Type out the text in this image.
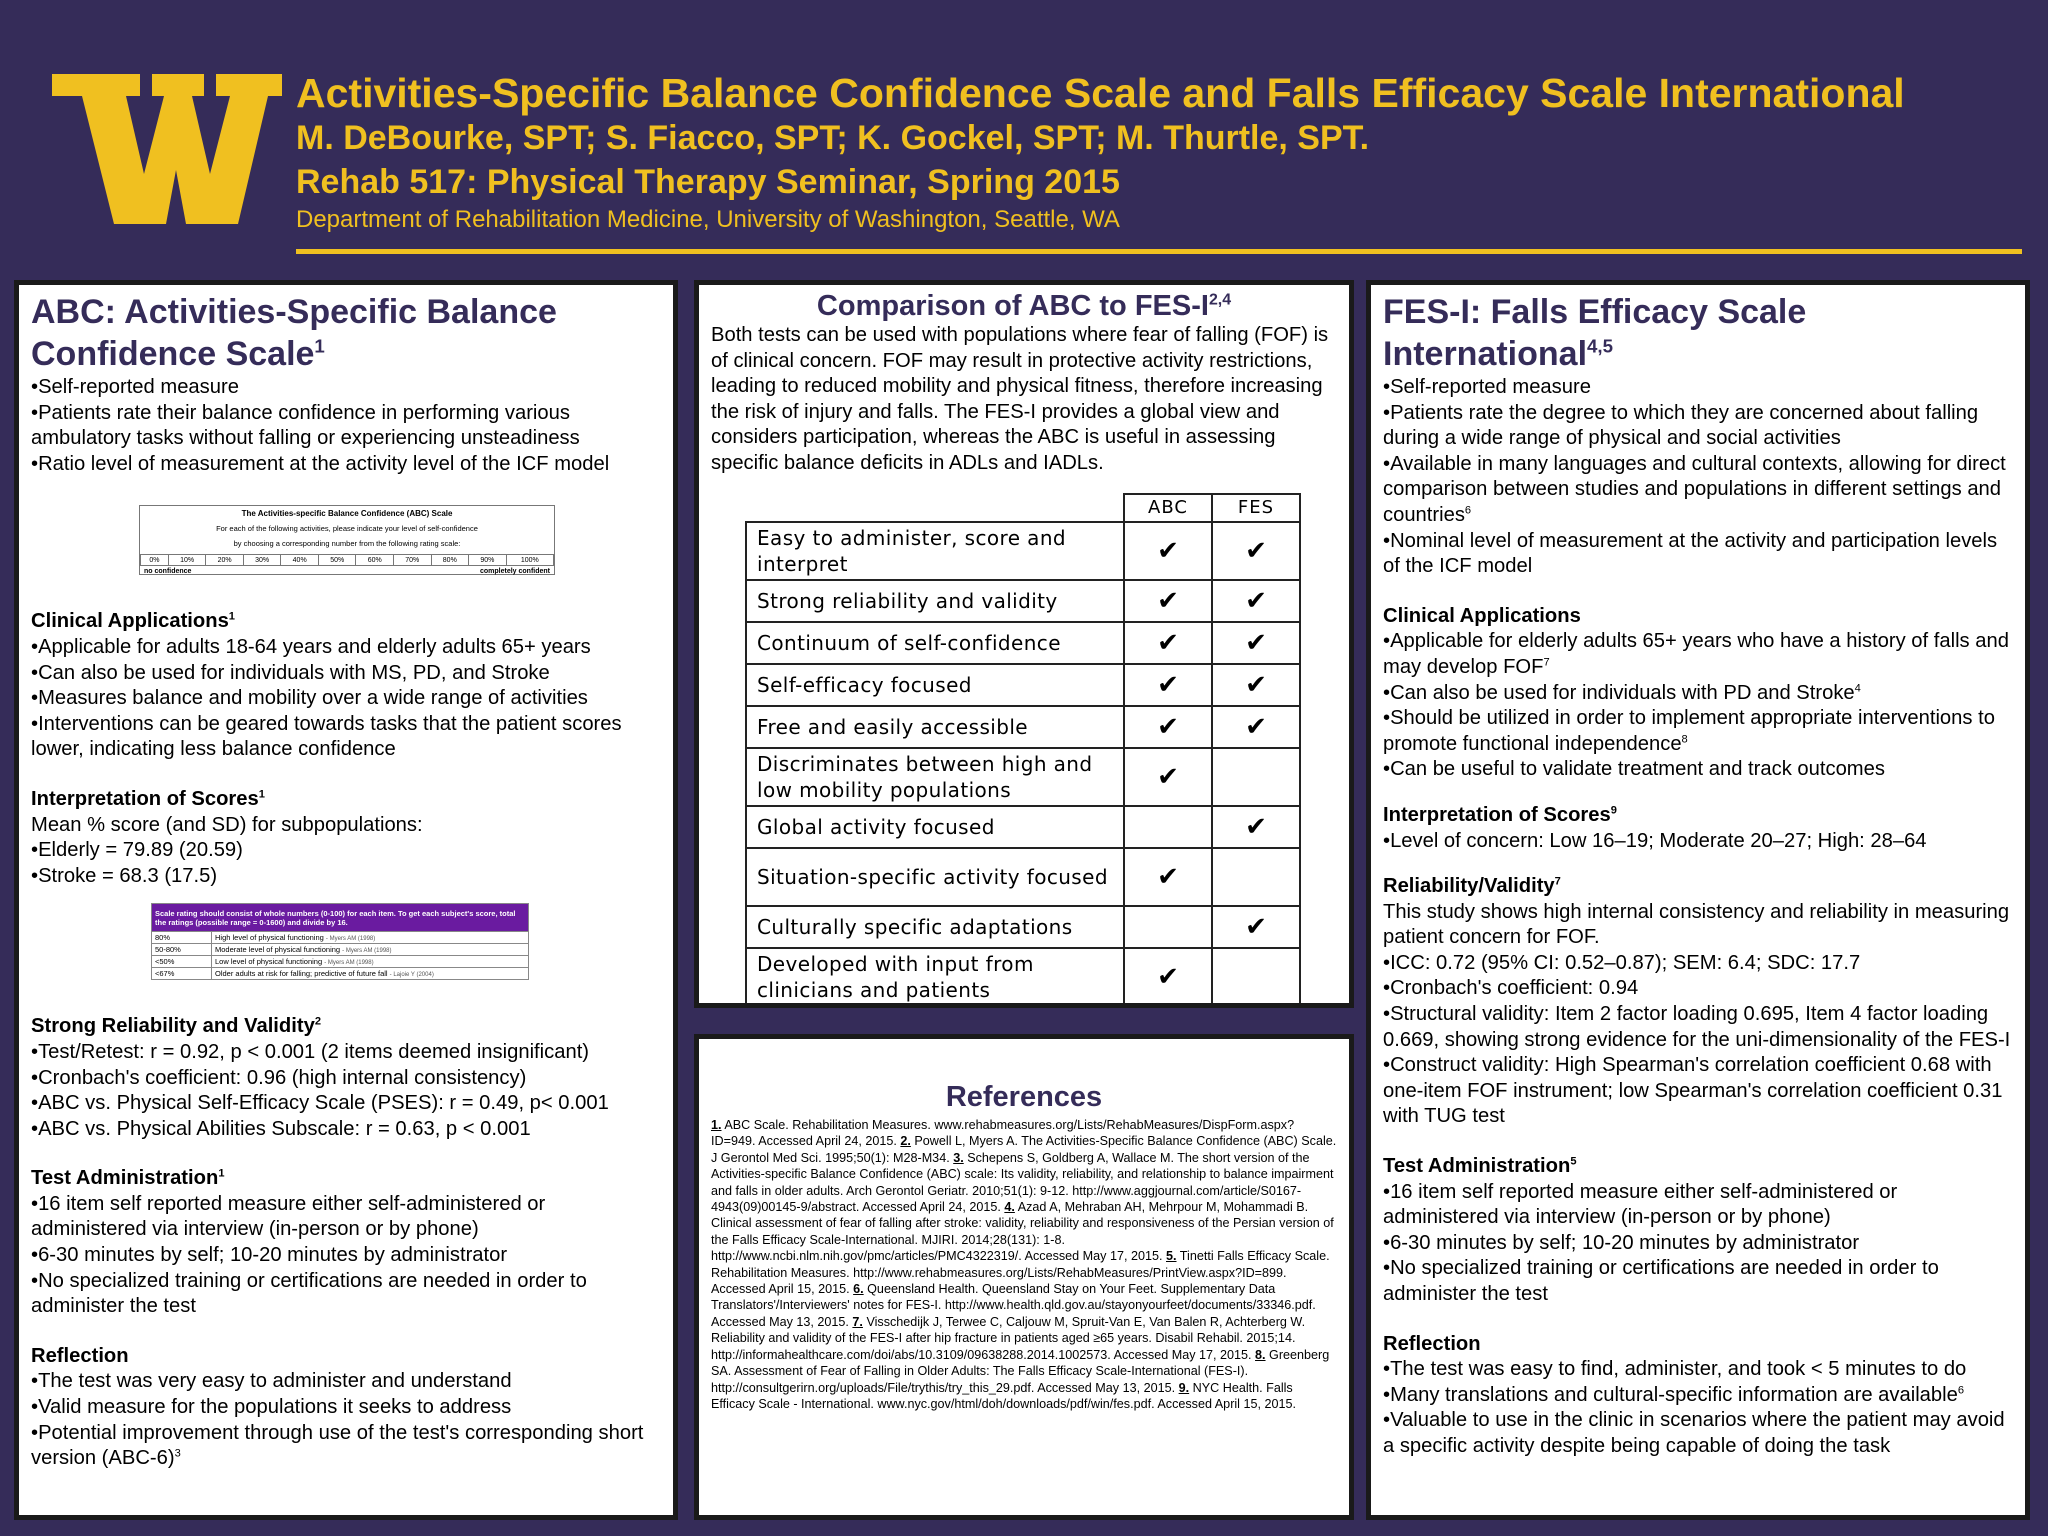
Activities-Specific Balance Confidence Scale and Falls Efficacy Scale International
M. DeBourke, SPT; S. Fiacco, SPT; K. Gockel, SPT; M. Thurtle, SPT.
Rehab 517: Physical Therapy Seminar, Spring 2015
Department of Rehabilitation Medicine, University of Washington, Seattle, WA
ABC: Activities-Specific Balance Confidence Scale$^1$

•Self-reported measure

•Patients rate their balance confidence in performing various ambulatory tasks without falling or experiencing unsteadiness

•Ratio level of measurement at the activity level of the ICF model

The Activities-specific Balance Confidence (ABC) Scale
For each of the following activities, please indicate your level of self-confidence
by choosing a corresponding number from the following rating scale:
0%	10%	20%	30%	40%	50%	60%	70%	80%	90%	100%
no confidence	completely confident
Clinical Applications$^1$

•Applicable for adults 18-64 years and elderly adults 65+ years

•Can also be used for individuals with MS, PD, and Stroke

•Measures balance and mobility over a wide range of activities

•Interventions can be geared towards tasks that the patient scores lower, indicating less balance confidence

Interpretation of Scores$^1$

Mean % score (and SD) for subpopulations:

•Elderly = 79.89 (20.59)

•Stroke = 68.3 (17.5)

Scale rating should consist of whole numbers (0-100) for each item. To get each subject's score, total the ratings (possible range = 0-1600) and divide by 16.	
80%	High level of physical functioning - Myers AM (1998)
50-80%	Moderate level of physical functioning - Myers AM (1998)
<50%	Low level of physical functioning - Myers AM (1998)
<67%	Older adults at risk for falling; predictive of future fall - Lajoie Y (2004)
Strong Reliability and Validity$^2$

•Test/Retest: r = 0.92, p < 0.001 (2 items deemed insignificant)

•Cronbach's coefficient: 0.96 (high internal consistency)

•ABC vs. Physical Self-Efficacy Scale (PSES): r = 0.49, p< 0.001

•ABC vs. Physical Abilities Subscale: r = 0.63, p < 0.001

Test Administration$^1$

•16 item self reported measure either self-administered or administered via interview (in-person or by phone)

•6-30 minutes by self; 10-20 minutes by administrator

•No specialized training or certifications are needed in order to administer the test

Reflection

•The test was very easy to administer and understand

•Valid measure for the populations it seeks to address

•Potential improvement through use of the test's corresponding short version $(ABC-6)^3$

Comparison of ABC to FES-$I^{2,4}$
Both tests can be used with populations where fear of falling (FOF) is of clinical concern. FOF may result in protective activity restrictions, leading to reduced mobility and physical fitness, therefore increasing the risk of injury and falls. The FES-I provides a global view and considers participation, whereas the ABC is useful in assessing specific balance deficits in ADLs and IADLs.
	ABC	FES
Easy to administer, score and interpret	✔	✔
Strong reliability and validity	✔	✔
Continuum of self-confidence	✔	✔
Self-efficacy focused	✔	✔
Free and easily accessible	✔	✔
Discriminates between high and low mobility populations	✔	
Global activity focused		✔
Situation-specific activity focused	✔	
Culturally specific adaptations		✔
Developed with input from clinicians and patients	✔	
References
1. ABC Scale. Rehabilitation Measures. www.rehabmeasures.org/Lists/RehabMeasures/DispForm.aspx?ID=949. Accessed April 24, 2015. 2. Powell L, Myers A. The Activities-Specific Balance Confidence (ABC) Scale. J Gerontol Med Sci. 1995;50(1): M28-M34. 3. Schepens S, Goldberg A, Wallace M. The short version of the Activities-specific Balance Confidence (ABC) scale: Its validity, reliability, and relationship to balance impairment and falls in older adults. Arch Gerontol Geriatr. 2010;51(1): 9-12. http://www.aggjournal.com/article/S0167-4943(09)00145-9/abstract. Accessed April 24, 2015. 4. Azad A, Mehraban AH, Mehrpour M, Mohammadi B. Clinical assessment of fear of falling after stroke: validity, reliability and responsiveness of the Persian version of the Falls Efficacy Scale-International. MJIRI. 2014;28(131): 1-8. http://www.ncbi.nlm.nih.gov/pmc/articles/PMC4322319/. Accessed May 17, 2015. 5. Tinetti Falls Efficacy Scale. Rehabilitation Measures. http://www.rehabmeasures.org/Lists/RehabMeasures/PrintView.aspx?ID=899. Accessed April 15, 2015. 6. Queensland Health. Queensland Stay on Your Feet. Supplementary Data Translators'/Interviewers' notes for FES-I. http://www.health.qld.gov.au/stayonyourfeet/documents/33346.pdf. Accessed May 13, 2015. 7. Visschedijk J, Terwee C, Caljouw M, Spruit-Van E, Van Balen R, Achterberg W. Reliability and validity of the FES-I after hip fracture in patients aged ≥65 years. Disabil Rehabil. 2015;14. http://informahealthcare.com/doi/abs/10.3109/09638288.2014.1002573. Accessed May 17, 2015. 8. Greenberg SA. Assessment of Fear of Falling in Older Adults: The Falls Efficacy Scale-International (FES-I). http://consultgerirn.org/uploads/File/trythis/try_this_29.pdf. Accessed May 13, 2015. 9. NYC Health. Falls Efficacy Scale - International. www.nyc.gov/html/doh/downloads/pdf/win/fes.pdf. Accessed April 15, 2015.
FES-I: Falls Efficacy Scale International$^{4,5}$

•Self-reported measure

•Patients rate the degree to which they are concerned about falling during a wide range of physical and social activities

•Available in many languages and cultural contexts, allowing for direct comparison between studies and populations in different settings and countries$^6$

•Nominal level of measurement at the activity and participation levels of the ICF model

Clinical Applications

•Applicable for elderly adults 65+ years who have a history of falls and may develop FOF$^7$

•Can also be used for individuals with PD and Stroke$^4$

•Should be utilized in order to implement appropriate interventions to promote functional independence$^8$

•Can be useful to validate treatment and track outcomes

Interpretation of Scores$^9$
•Level of concern: Low 16–19; Moderate 20–27; High: 28–64
Reliability/Validity$^7$

This study shows high internal consistency and reliability in measuring patient concern for FOF.

•ICC: 0.72 (95% CI: 0.52–0.87); SEM: 6.4; SDC: 17.7

•Cronbach's coefficient: 0.94

•Structural validity: Item 2 factor loading 0.695, Item 4 factor loading 0.669, showing strong evidence for the uni-dimensionality of the FES-I

•Construct validity: High Spearman's correlation coefficient 0.68 with one-item FOF instrument; low Spearman's correlation coefficient 0.31 with TUG test

Test Administration$^5$

•16 item self reported measure either self-administered or administered via interview (in-person or by phone)

•6-30 minutes by self; 10-20 minutes by administrator

•No specialized training or certifications are needed in order to administer the test

Reflection

•The test was easy to find, administer, and took < 5 minutes to do

•Many translations and cultural-specific information are available$^6$

•Valuable to use in the clinic in scenarios where the patient may avoid a specific activity despite being capable of doing the task
